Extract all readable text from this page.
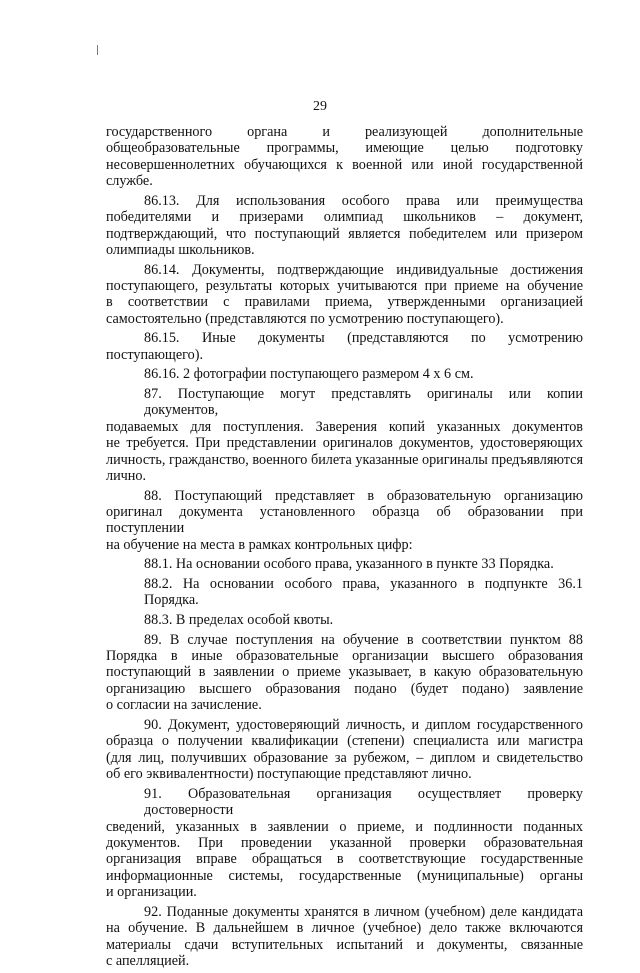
29

государственного органа и реализующей дополнительные
общеобразовательные программы, имеющие целью подготовку
несовершеннолетних обучающихся к военной или иной государственной
службе.

86.13. Для использования особого права или преимущества
победителями и призерами олимпиад школьников – документ,
подтверждающий, что поступающий является победителем или призером
олимпиады школьников.

86.14. Документы, подтверждающие индивидуальные достижения
поступающего, результаты которых учитываются при приеме на обучение
в соответствии с правилами приема, утвержденными организацией
самостоятельно (представляются по усмотрению поступающего).

86.15. Иные документы (представляются по усмотрению
поступающего).

86.16. 2 фотографии поступающего размером 4 х 6 см.

87. Поступающие могут представлять оригиналы или копии документов,
подаваемых для поступления. Заверения копий указанных документов
не требуется. При представлении оригиналов документов, удостоверяющих
личность, гражданство, военного билета указанные оригиналы предъявляются
лично.

88. Поступающий представляет в образовательную организацию
оригинал документа установленного образца об образовании при поступлении
на обучение на места в рамках контрольных цифр:

88.1. На основании особого права, указанного в пункте 33 Порядка.

88.2. На основании особого права, указанного в подпункте 36.1 Порядка.

88.3. В пределах особой квоты.

89. В случае поступления на обучение в соответствии пунктом 88
Порядка в иные образовательные организации высшего образования
поступающий в заявлении о приеме указывает, в какую образовательную
организацию высшего образования подано (будет подано) заявление
о согласии на зачисление.

90. Документ, удостоверяющий личность, и диплом государственного
образца о получении квалификации (степени) специалиста или магистра
(для лиц, получивших образование за рубежом, – диплом и свидетельство
об его эквивалентности) поступающие представляют лично.

91. Образовательная организация осуществляет проверку достоверности
сведений, указанных в заявлении о приеме, и подлинности поданных
документов. При проведении указанной проверки образовательная
организация вправе обращаться в соответствующие государственные
информационные системы, государственные (муниципальные) органы
и организации.

92. Поданные документы хранятся в личном (учебном) деле кандидата
на обучение. В дальнейшем в личное (учебное) дело также включаются
материалы сдачи вступительных испытаний и документы, связанные
с апелляцией.
